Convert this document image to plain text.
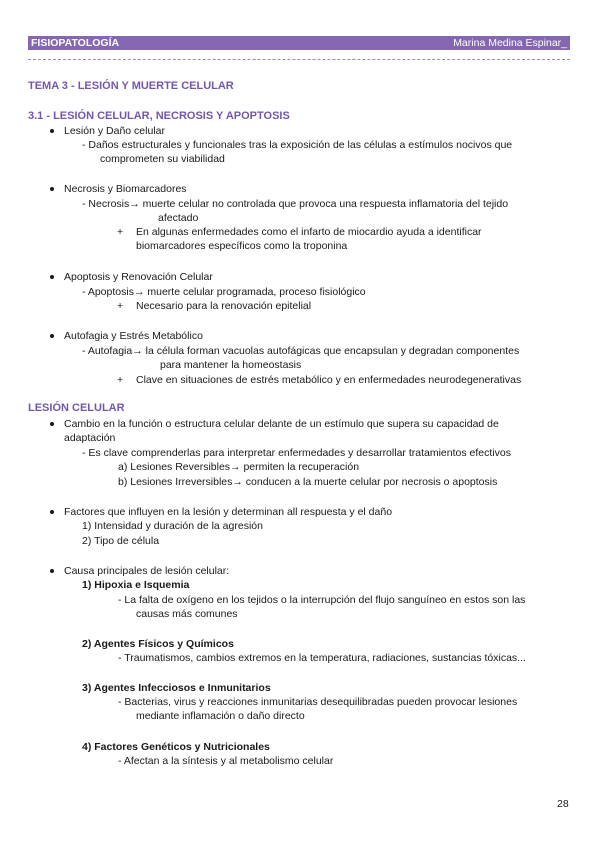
FISIOPATOLOGÍA	Marina Medina Espinar_
TEMA 3 - LESIÓN Y MUERTE CELULAR
3.1 - LESIÓN CELULAR, NECROSIS Y APOPTOSIS
Lesión y Daño celular
- Daños estructurales y funcionales tras la exposición de las células a estímulos nocivos que
comprometen su viabilidad
Necrosis y Biomarcadores
- Necrosis→ muerte celular no controlada que provoca una respuesta inflamatoria del tejido
afectado
+ En algunas enfermedades como el infarto de miocardio ayuda a identificar
biomarcadores específicos como la troponina
Apoptosis y Renovación Celular
- Apoptosis→ muerte celular programada, proceso fisiológico
+ Necesario para la renovación epitelial
Autofagia y Estrés Metabólico
- Autofagia→ la célula forman vacuolas autofágicas que encapsulan y degradan componentes
para mantener la homeostasis
+ Clave en situaciones de estrés metabólico y en enfermedades neurodegenerativas
LESIÓN CELULAR
Cambio en la función o estructura celular delante de un estímulo que supera su capacidad de
adaptación
- Es clave comprenderlas para interpretar enfermedades y desarrollar tratamientos efectivos
a) Lesiones Reversibles→ permiten la recuperación
b) Lesiones Irreversibles→ conducen a la muerte celular por necrosis o apoptosis
Factores que influyen en la lesión y determinan all respuesta y el daño
1) Intensidad y duración de la agresión
2) Tipo de célula
Causa principales de lesión celular:
1) Hipoxia e Isquemia
- La falta de oxígeno en los tejidos o la interrupción del flujo sanguíneo en estos son las
causas más comunes
2) Agentes Físicos y Químicos
- Traumatismos, cambios extremos en la temperatura, radiaciones, sustancias tóxicas...
3) Agentes Infecciosos e Inmunitarios
- Bacterias, virus y reacciones inmunitarias desequilibradas pueden provocar lesiones
mediante inflamación o daño directo
4) Factores Genéticos y Nutricionales
- Afectan a la síntesis y al metabolismo celular
28
